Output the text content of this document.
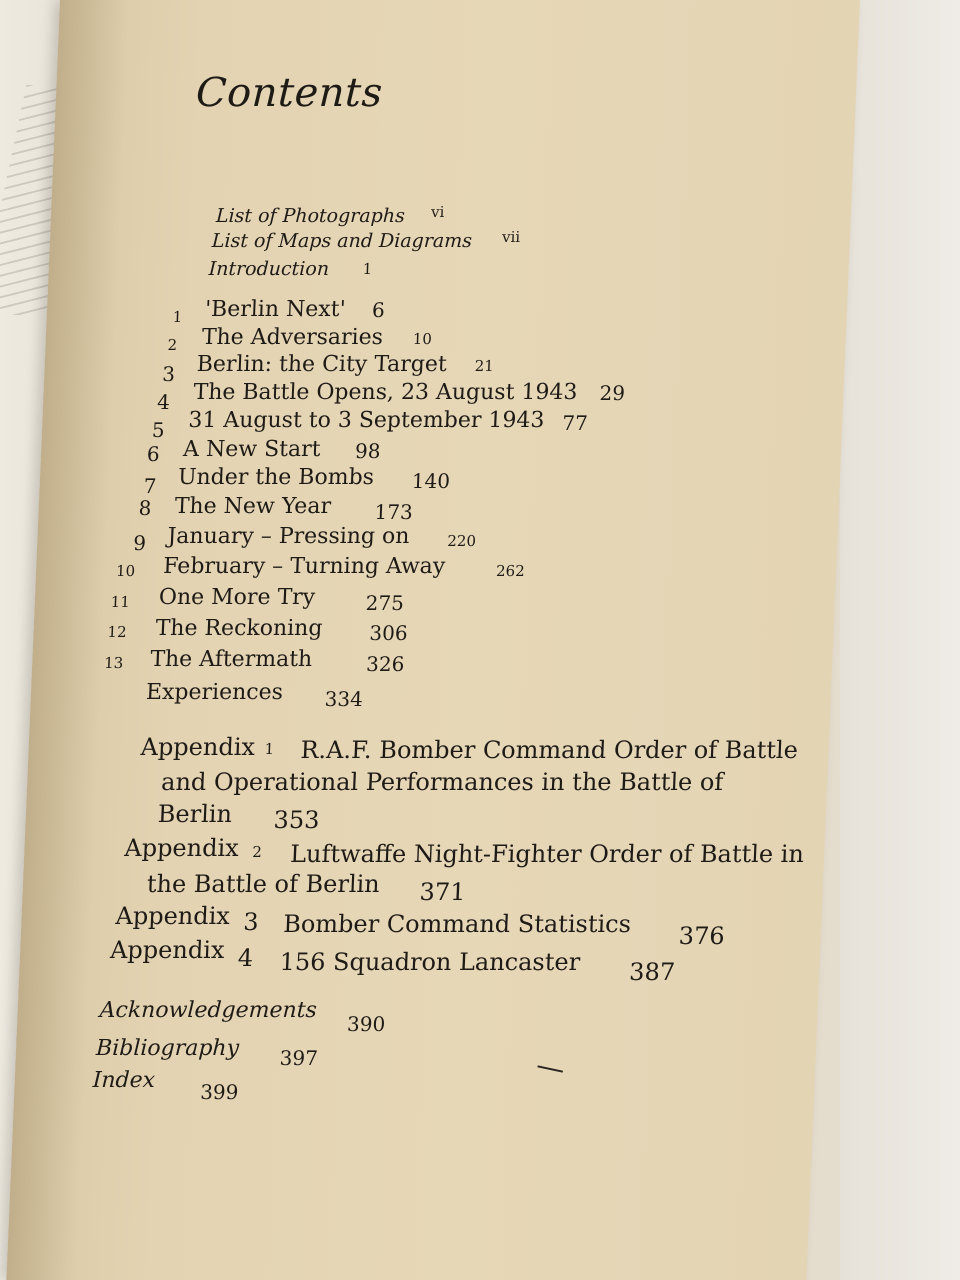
Contents
List of Photographs vi
List of Maps and Diagrams vii
Introduction 1
1 'Berlin Next' 6
2 The Adversaries 10
3 Berlin: the City Target 21
4 The Battle Opens, 23 August 1943 29
5 31 August to 3 September 1943 77
6 A New Start 98
7 Under the Bombs 140
8 The New Year 173
9 January – Pressing on 220
10 February – Turning Away	262
11 One More Try 275
12 The Reckoning 306
13 The Aftermath	326
Experiences 334
Appendix 1 R.A.F. Bomber Command Order of Battle
and Operational Performances in the Battle of
Berlin 353
Appendix 2 Luftwaffe Night-Fighter Order of Battle in
the Battle of Berlin 371
Appendix 3 Bomber Command Statistics 376
Appendix 4 156 Squadron Lancaster 387
Acknowledgements
390
Bibliography 397
Index 399
